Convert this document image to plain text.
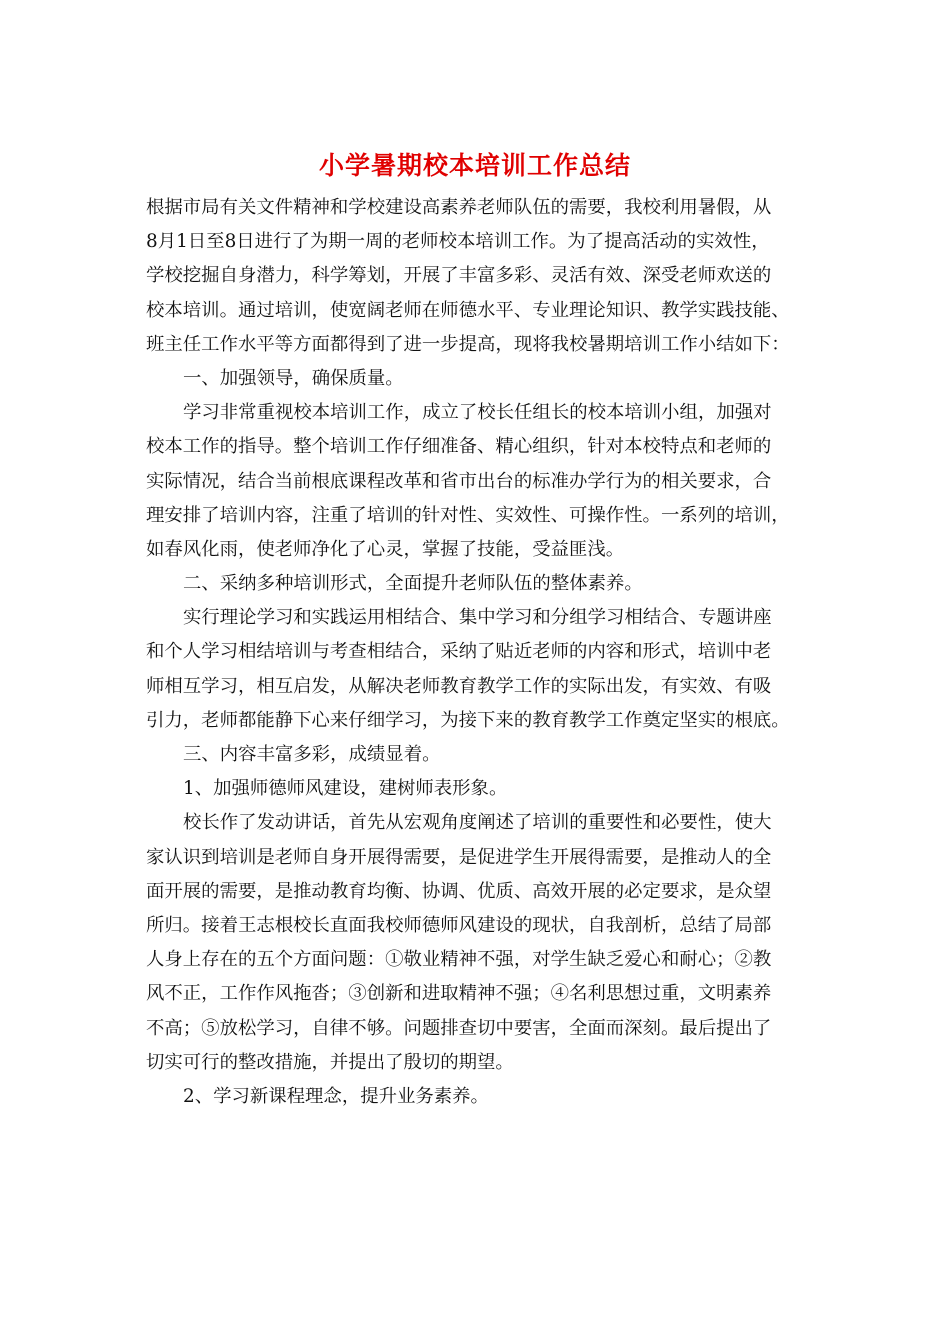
小学暑期校本培训工作总结
根据市局有关文件精神和学校建设高素养老师队伍的需要，我校利用暑假，从
8月1日至8日进行了为期一周的老师校本培训工作。为了提高活动的实效性，
学校挖掘自身潜力，科学筹划，开展了丰富多彩、灵活有效、深受老师欢送的
校本培训。通过培训，使宽阔老师在师德水平、专业理论知识、教学实践技能、
班主任工作水平等方面都得到了进一步提高，现将我校暑期培训工作小结如下：
一、加强领导，确保质量。
学习非常重视校本培训工作，成立了校长任组长的校本培训小组，加强对
校本工作的指导。整个培训工作仔细准备、精心组织，针对本校特点和老师的
实际情况，结合当前根底课程改革和省市出台的标准办学行为的相关要求，合
理安排了培训内容，注重了培训的针对性、实效性、可操作性。一系列的培训，
如春风化雨，使老师净化了心灵，掌握了技能，受益匪浅。
二、采纳多种培训形式，全面提升老师队伍的整体素养。
实行理论学习和实践运用相结合、集中学习和分组学习相结合、专题讲座
和个人学习相结培训与考查相结合，采纳了贴近老师的内容和形式，培训中老
师相互学习，相互启发，从解决老师教育教学工作的实际出发，有实效、有吸
引力，老师都能静下心来仔细学习，为接下来的教育教学工作奠定坚实的根底。
三、内容丰富多彩，成绩显着。
1、加强师德师风建设，建树师表形象。
校长作了发动讲话，首先从宏观角度阐述了培训的重要性和必要性，使大
家认识到培训是老师自身开展得需要，是促进学生开展得需要，是推动人的全
面开展的需要，是推动教育均衡、协调、优质、高效开展的必定要求，是众望
所归。接着王志根校长直面我校师德师风建设的现状，自我剖析，总结了局部
人身上存在的五个方面问题：①敬业精神不强，对学生缺乏爱心和耐心；②教
风不正，工作作风拖沓；③创新和进取精神不强；④名利思想过重，文明素养
不高；⑤放松学习，自律不够。问题排查切中要害，全面而深刻。最后提出了
切实可行的整改措施，并提出了殷切的期望。
2、学习新课程理念，提升业务素养。
